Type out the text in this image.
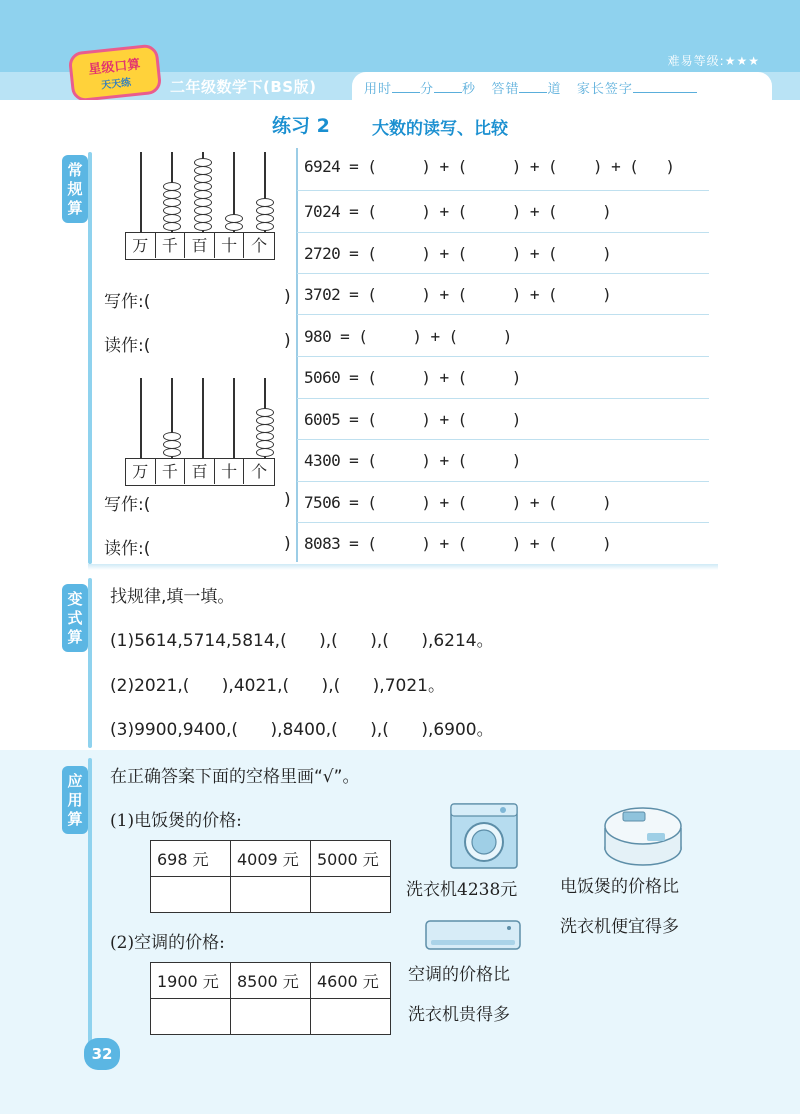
星级口算
天天练	二年级数学下(BS版)	用时 分 秒 答错 道 家长签字
难易等级:★★★
练习 2 大数的读写、比较
常
规
算
万 千 百 十 个
写作:(	)
读作:(	)
万 千 百 十 个
写作:(	)
读作:(	)
6924 = (     ) + (     ) + (    ) + (   )
7024 = (     ) + (     ) + (     )
2720 = (     ) + (     ) + (     )
3702 = (     ) + (     ) + (     )
980 = (     ) + (     )
5060 = (     ) + (     )
6005 = (     ) + (     )
4300 = (     ) + (     )
7506 = (     ) + (     ) + (     )
8083 = (     ) + (     ) + (     )
变
式
算
找规律,填一填。
(1)5614,5714,5814,(      ),(      ),(      ),6214。
(2)2021,(      ),4021,(      ),(      ),7021。
(3)9900,9400,(      ),8400,(      ),(      ),6900。
应
用
算
在正确答案下面的空格里画“√”。
(1)电饭煲的价格:
698 元	4009 元	5000 元

(2)空调的价格:
1900 元	8500 元	4600 元

洗衣机4238元	电饭煲的价格比
洗衣机便宜得多
空调的价格比
洗衣机贵得多
32
